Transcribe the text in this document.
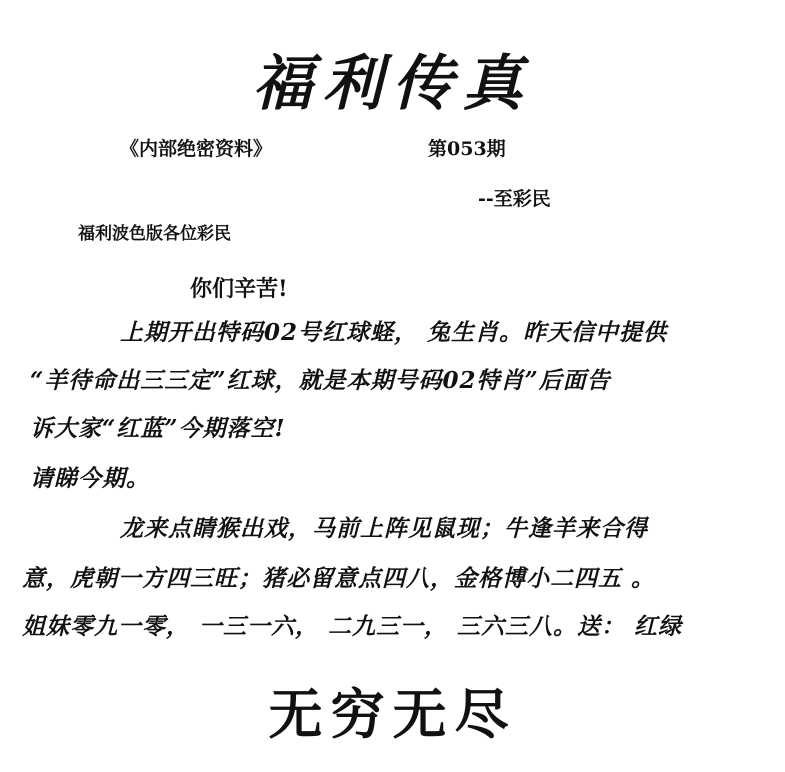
福利传真
《内部绝密资料》	第053期
--至彩民
福利波色版各位彩民
你们辛苦!
上期开出特码02号红球蛏， 兔生肖。昨天信中提供
“羊待命出三三定”红球，就是本期号码02特肖”后面告
诉大家“红蓝”今期落空!
请睇今期。
龙来点睛猴出戏，马前上阵见鼠现；牛逢羊来合得
意，虎朝一方四三旺；猪必留意点四八，金格博小二四五 。
姐妹零九一零， 一三一六， 二九三一， 三六三八。送： 红绿
无穷无尽
